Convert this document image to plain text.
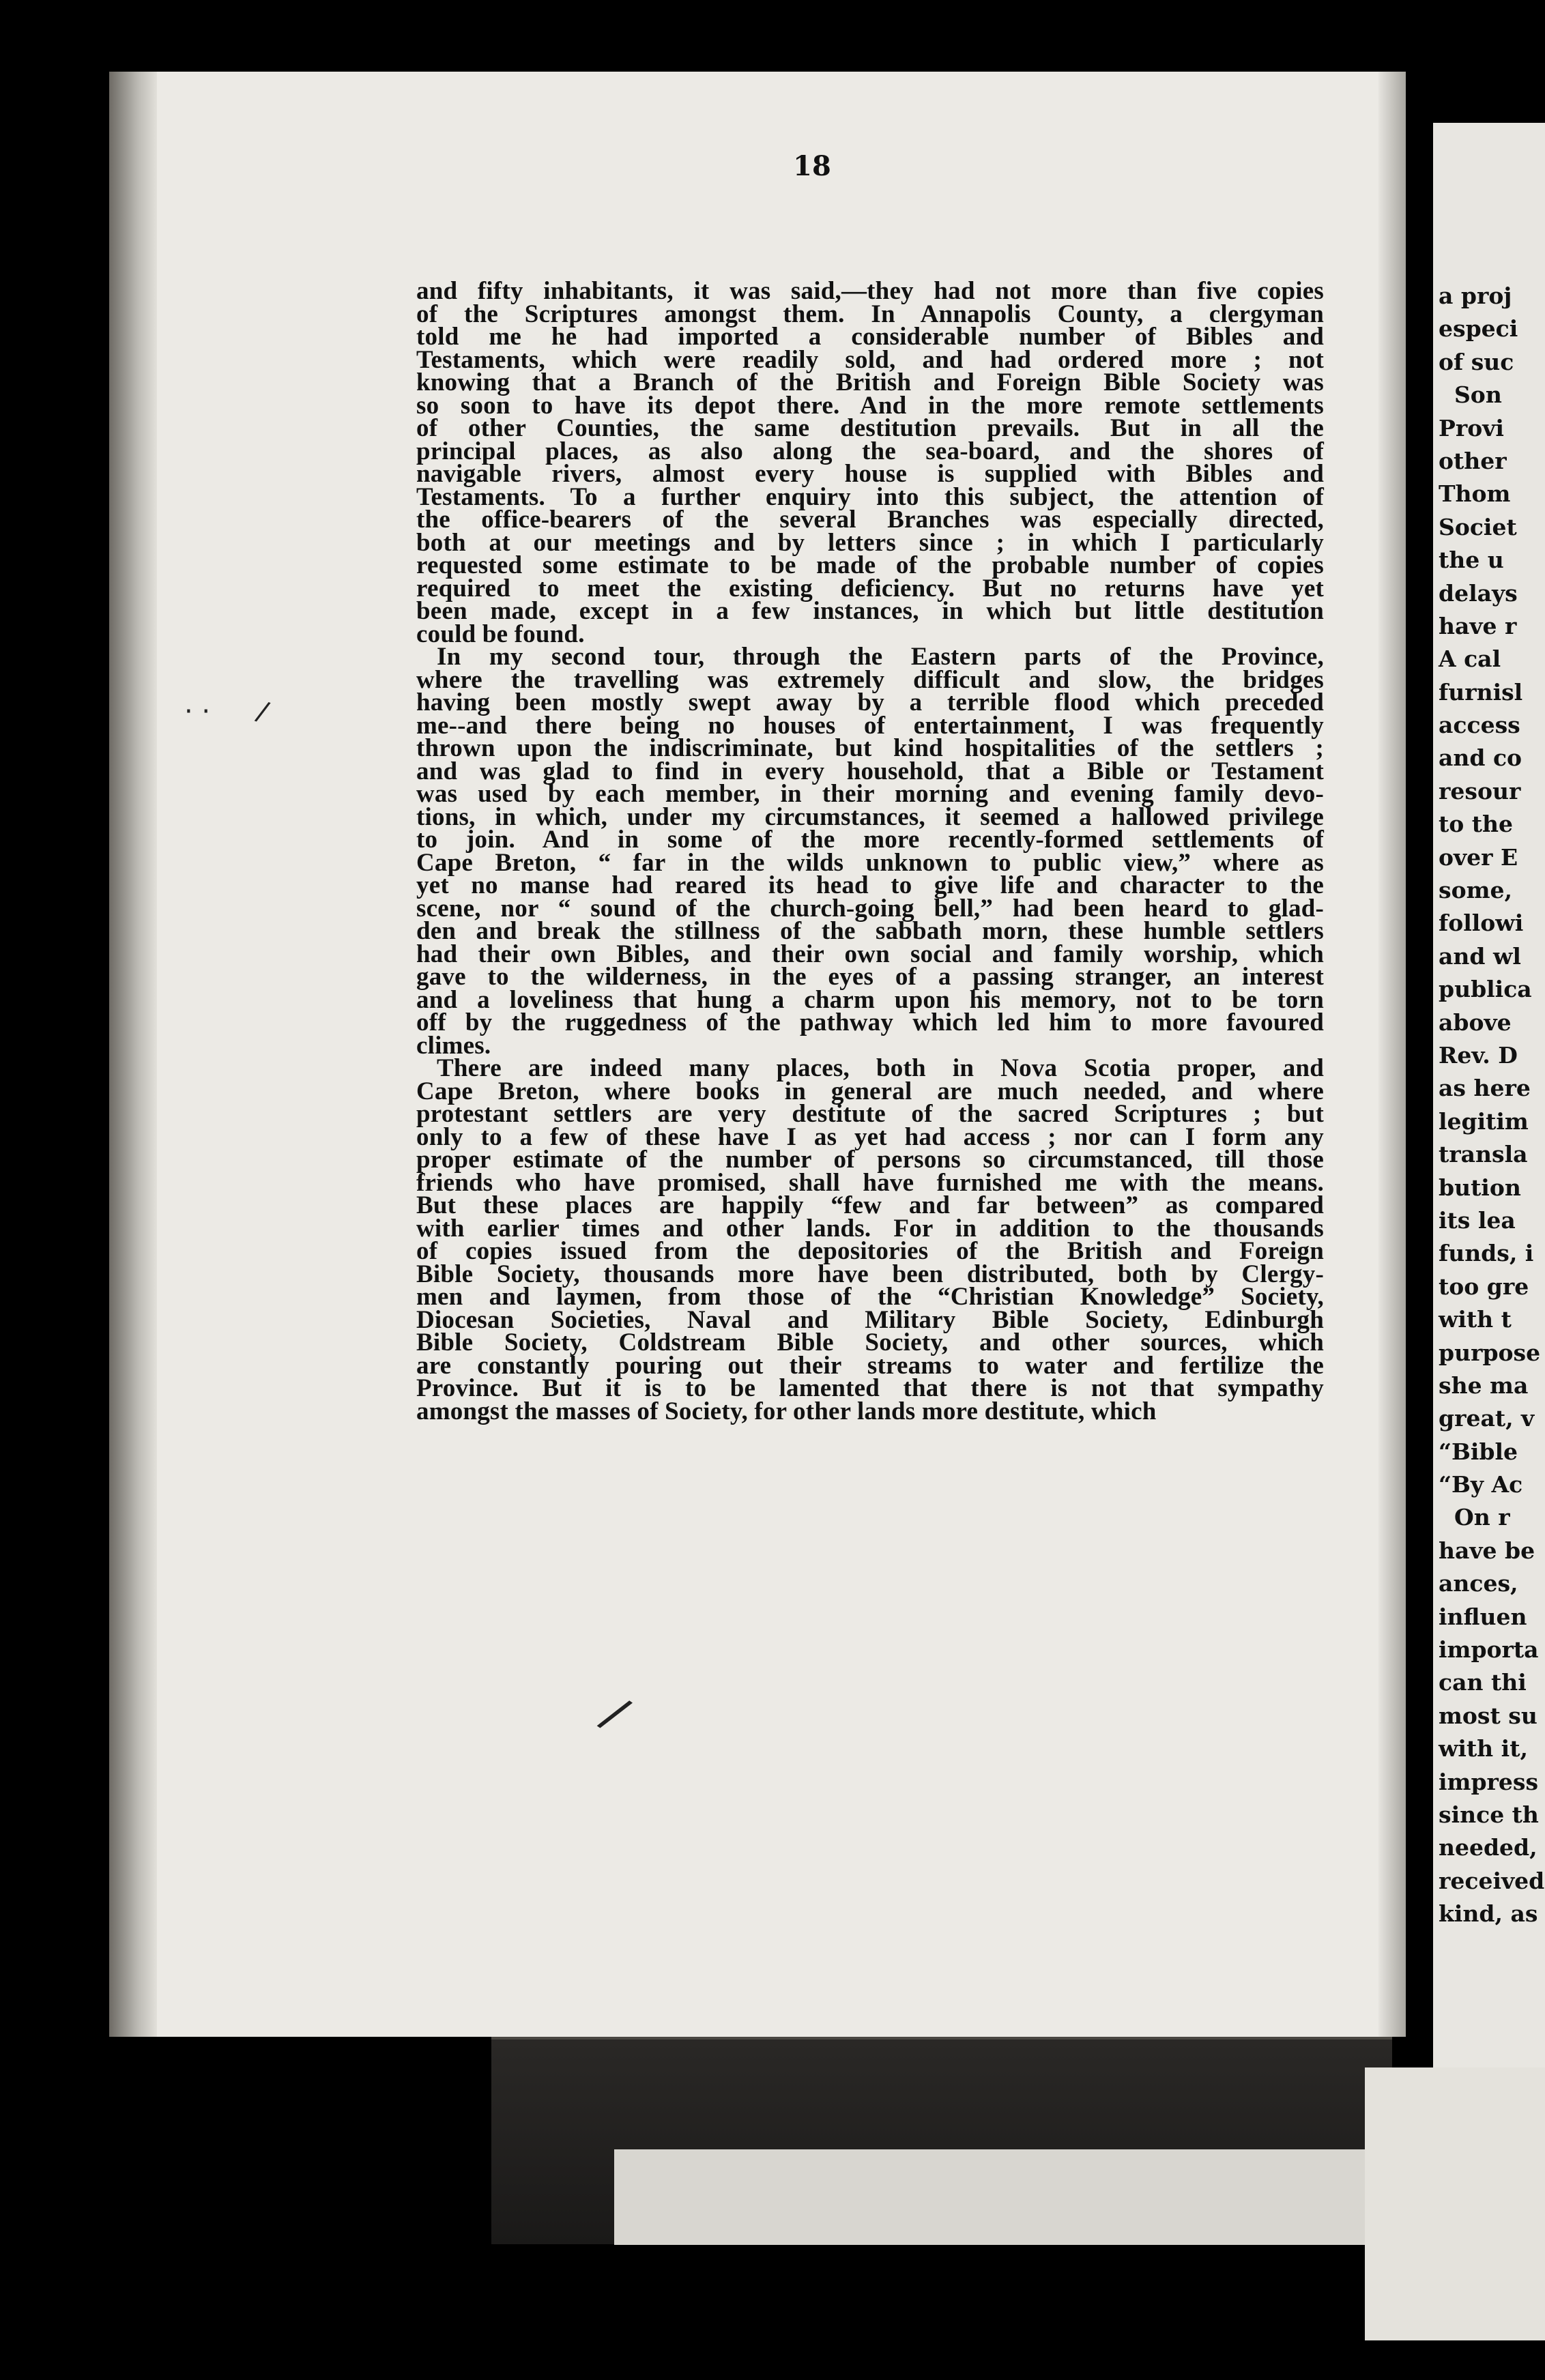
a proj
especi
of suc
Son
Provi
other
Thom
Societ
the u
delays
have r
A cal
furnisl
access
and co
resour
to the
over E
some,
followi
and wl
publica
above
Rev. D
as here
legitim
transla
bution
its lea
funds, i
too gre
with t
purpose
she ma
great, v
“Bible
“By Ac
On r
have be
ances,
influen
importa
can thi
most su
with it,
impress
since th
needed,
received
kind, as
18
and fifty inhabitants, it was said,—they had not more than five copies
of the Scriptures amongst them. In Annapolis County, a clergyman
told me he had imported a considerable number of Bibles and
Testaments, which were readily sold, and had ordered more ; not
knowing that a Branch of the British and Foreign Bible Society was
so soon to have its depot there. And in the more remote settlements
of other Counties, the same destitution prevails. But in all the
principal places, as also along the sea-board, and the shores of
navigable rivers, almost every house is supplied with Bibles and
Testaments. To a further enquiry into this subject, the attention of
the office-bearers of the several Branches was especially directed,
both at our meetings and by letters since ; in which I particularly
requested some estimate to be made of the probable number of copies
required to meet the existing deficiency. But no returns have yet
been made, except in a few instances, in which but little destitution
could be found.
In my second tour, through the Eastern parts of the Province,
where the travelling was extremely difficult and slow, the bridges
having been mostly swept away by a terrible flood which preceded
me--and there being no houses of entertainment, I was frequently
thrown upon the indiscriminate, but kind hospitalities of the settlers ;
and was glad to find in every household, that a Bible or Testament
was used by each member, in their morning and evening family devo-
tions, in which, under my circumstances, it seemed a hallowed privilege
to join. And in some of the more recently-formed settlements of
Cape Breton, “ far in the wilds unknown to public view,” where as
yet no manse had reared its head to give life and character to the
scene, nor “ sound of the church-going bell,” had been heard to glad-
den and break the stillness of the sabbath morn, these humble settlers
had their own Bibles, and their own social and family worship, which
gave to the wilderness, in the eyes of a passing stranger, an interest
and a loveliness that hung a charm upon his memory, not to be torn
off by the ruggedness of the pathway which led him to more favoured
climes.
There are indeed many places, both in Nova Scotia proper, and
Cape Breton, where books in general are much needed, and where
protestant settlers are very destitute of the sacred Scriptures ; but
only to a few of these have I as yet had access ; nor can I form any
proper estimate of the number of persons so circumstanced, till those
friends who have promised, shall have furnished me with the means.
But these places are happily “few and far between” as compared
with earlier times and other lands. For in addition to the thousands
of copies issued from the depositories of the British and Foreign
Bible Society, thousands more have been distributed, both by Clergy-
men and laymen, from those of the “Christian Knowledge” Society,
Diocesan Societies, Naval and Military Bible Society, Edinburgh
Bible Society, Coldstream Bible Society, and other sources, which
are constantly pouring out their streams to water and fertilize the
Province. But it is to be lamented that there is not that sympathy
amongst the masses of Society, for other lands more destitute, which
· · /
/
